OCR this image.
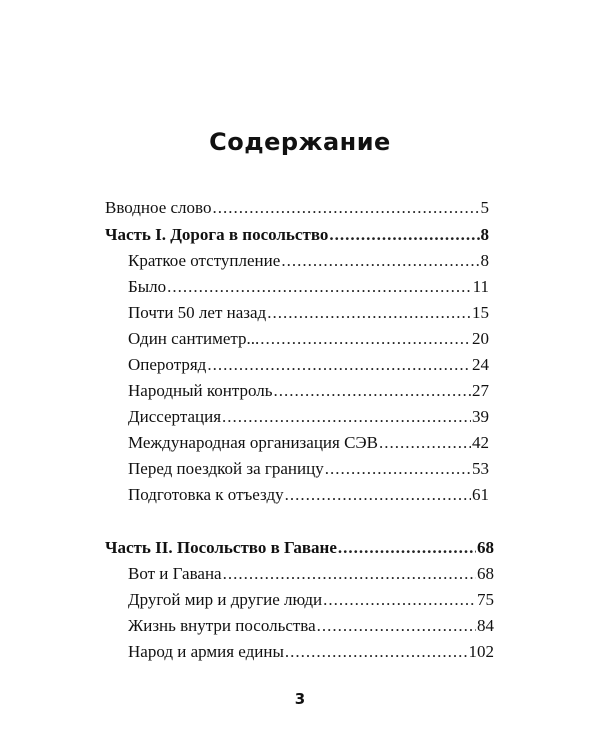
Содержание
Вводное слово .....	5
Часть I. Дорога в посольство .....	8
Краткое отступление .....	8
Было .....	11
Почти 50 лет назад .....	15
Один сантиметр... .....	20
Оперотряд .....	24
Народный контроль .....	27
Диссертация .....	39
Международная организация СЭВ .....	42
Перед поездкой за границу .....	53
Подготовка к отъезду .....	61
Часть II. Посольство в Гаване .....	68
Вот и Гавана .....	68
Другой мир и другие люди .....	75
Жизнь внутри посольства .....	84
Народ и армия едины .....	102
3
